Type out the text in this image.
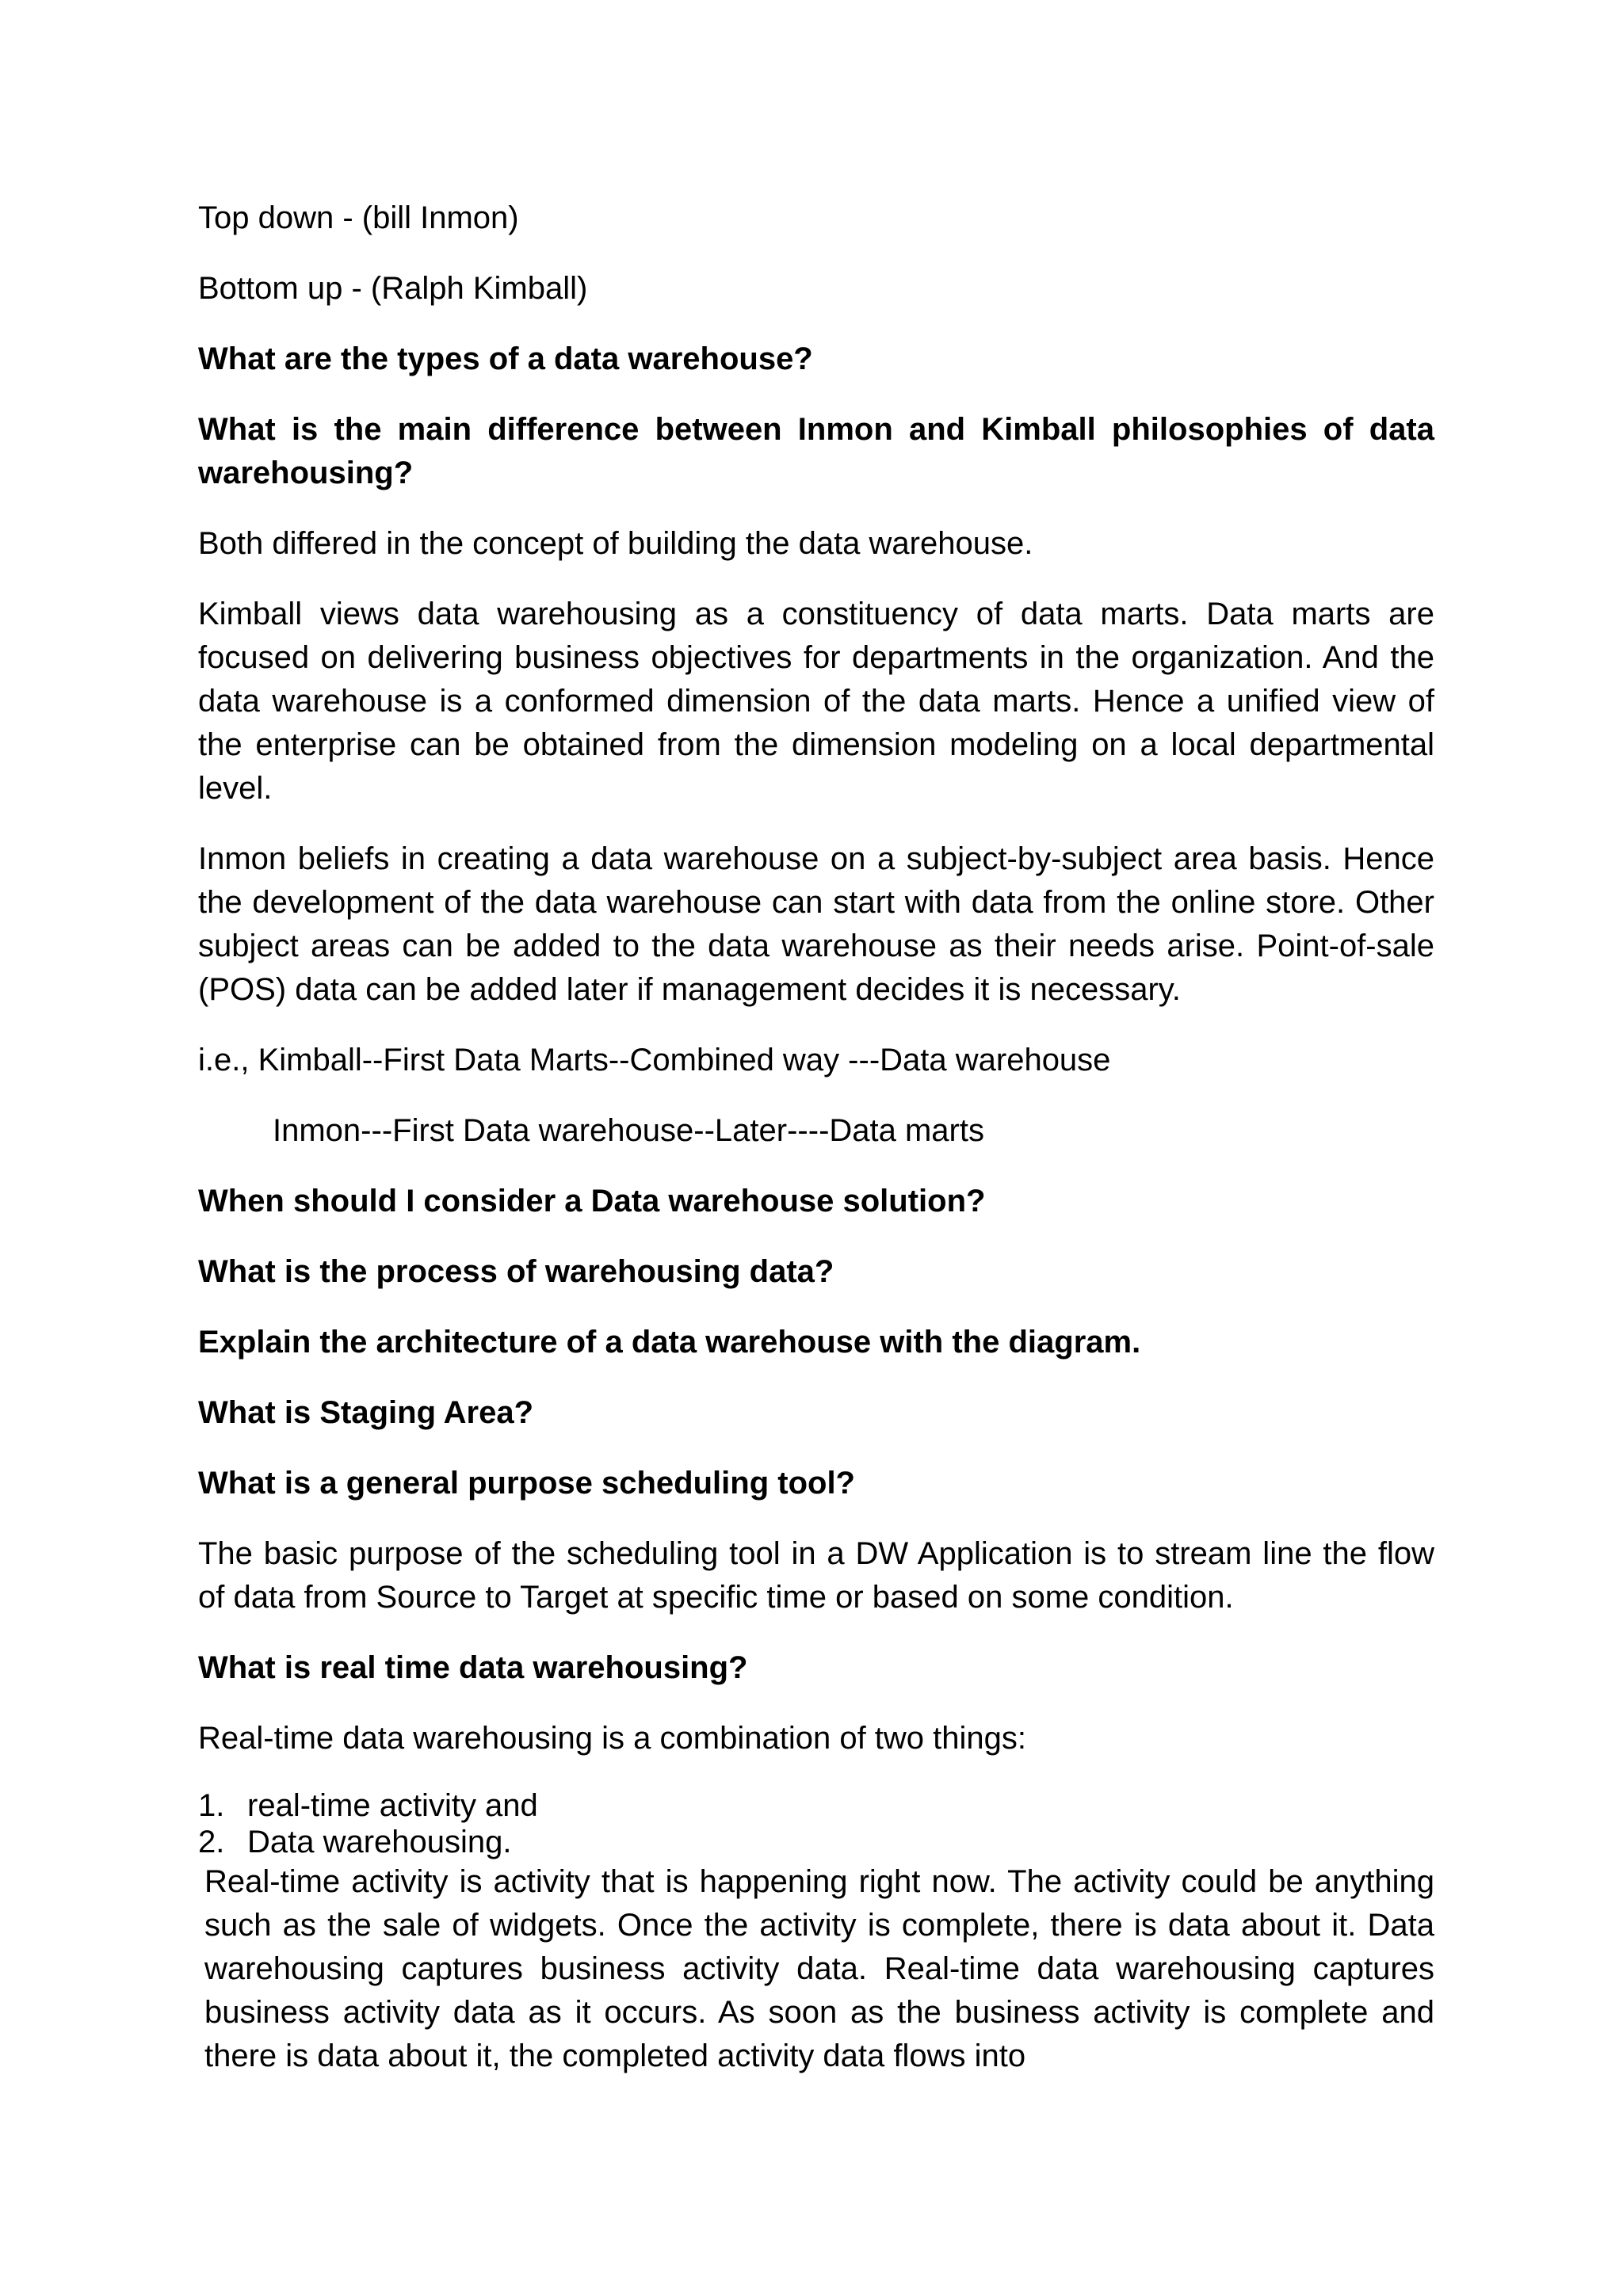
Top down - (bill Inmon)

Bottom up - (Ralph Kimball)

What are the types of a data warehouse?

What is the main difference between Inmon and Kimball philosophies of data warehousing?

Both differed in the concept of building the data warehouse.

Kimball views data warehousing as a constituency of data marts. Data marts are focused on delivering business objectives for departments in the organization. And the data warehouse is a conformed dimension of the data marts. Hence a unified view of the enterprise can be obtained from the dimension modeling on a local departmental level.

Inmon beliefs in creating a data warehouse on a subject-by-subject area basis. Hence the development of the data warehouse can start with data from the online store. Other subject areas can be added to the data warehouse as their needs arise. Point-of-sale (POS) data can be added later if management decides it is necessary.

i.e., Kimball--First Data Marts--Combined way ---Data warehouse

Inmon---First Data warehouse--Later----Data marts

When should I consider a Data warehouse solution?

What is the process of warehousing data?

Explain the architecture of a data warehouse with the diagram.

What is Staging Area?

What is a general purpose scheduling tool?

The basic purpose of the scheduling tool in a DW Application is to stream line the flow of data from Source to Target at specific time or based on some condition.

What is real time data warehousing?

Real-time data warehousing is a combination of two things:

1. real-time activity and
2. Data warehousing.

Real-time activity is activity that is happening right now. The activity could be anything such as the sale of widgets. Once the activity is complete, there is data about it. Data warehousing captures business activity data. Real-time data warehousing captures business activity data as it occurs. As soon as the business activity is complete and there is data about it, the completed activity data flows into
